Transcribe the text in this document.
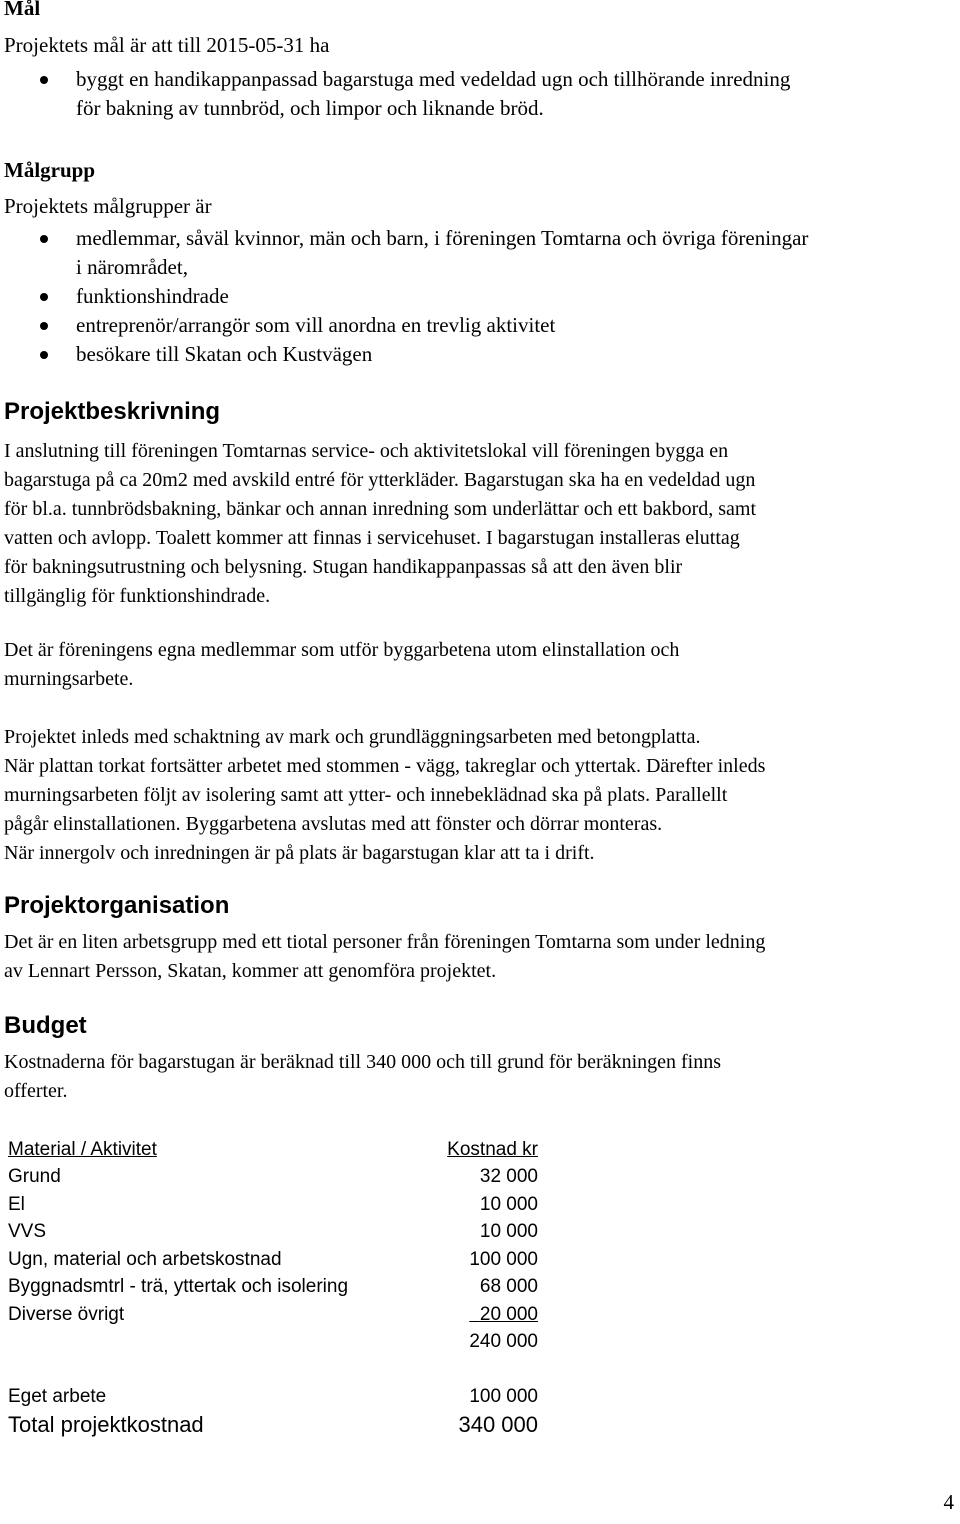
Mål
Projektets mål är att till 2015-05-31 ha
byggt en handikappanpassad bagarstuga med vedeldad ugn och tillhörande inredning
för bakning av tunnbröd, och limpor och liknande bröd.
Målgrupp
Projektets målgrupper är
medlemmar, såväl kvinnor, män och barn, i föreningen Tomtarna och övriga föreningar
i närområdet,
funktionshindrade
entreprenör/arrangör som vill anordna en trevlig aktivitet
besökare till Skatan och Kustvägen
Projektbeskrivning
I anslutning till föreningen Tomtarnas service- och aktivitetslokal vill föreningen bygga en
bagarstuga på ca 20m2 med avskild entré för ytterkläder. Bagarstugan ska ha en vedeldad ugn
för bl.a. tunnbrödsbakning, bänkar och annan inredning som underlättar och ett bakbord, samt
vatten och avlopp. Toalett kommer att finnas i servicehuset. I bagarstugan installeras eluttag
för bakningsutrustning och belysning. Stugan handikappanpassas så att den även blir
tillgänglig för funktionshindrade.
Det är föreningens egna medlemmar som utför byggarbetena utom elinstallation och
murningsarbete.
Projektet inleds med schaktning av mark och grundläggningsarbeten med betongplatta.
När plattan torkat fortsätter arbetet med stommen - vägg, takreglar och yttertak. Därefter inleds
murningsarbeten följt av isolering samt att ytter- och innebeklädnad ska på plats. Parallellt
pågår elinstallationen. Byggarbetena avslutas med att fönster och dörrar monteras.
När innergolv och inredningen är på plats är bagarstugan klar att ta i drift.
Projektorganisation
Det är en liten arbetsgrupp med ett tiotal personer från föreningen Tomtarna som under ledning
av Lennart Persson, Skatan, kommer att genomföra projektet.
Budget
Kostnaderna för bagarstugan är beräknad till 340 000 och till grund för beräkningen finns
offerter.
Material / Aktivitet	Kostnad kr
Grund	32 000
El	10 000
VVS	10 000
Ugn, material och arbetskostnad	100 000
Byggnadsmtrl - trä, yttertak och isolering	68 000
Diverse övrigt	20 000
	240 000

Eget arbete	100 000
Total projektkostnad	340 000
4
